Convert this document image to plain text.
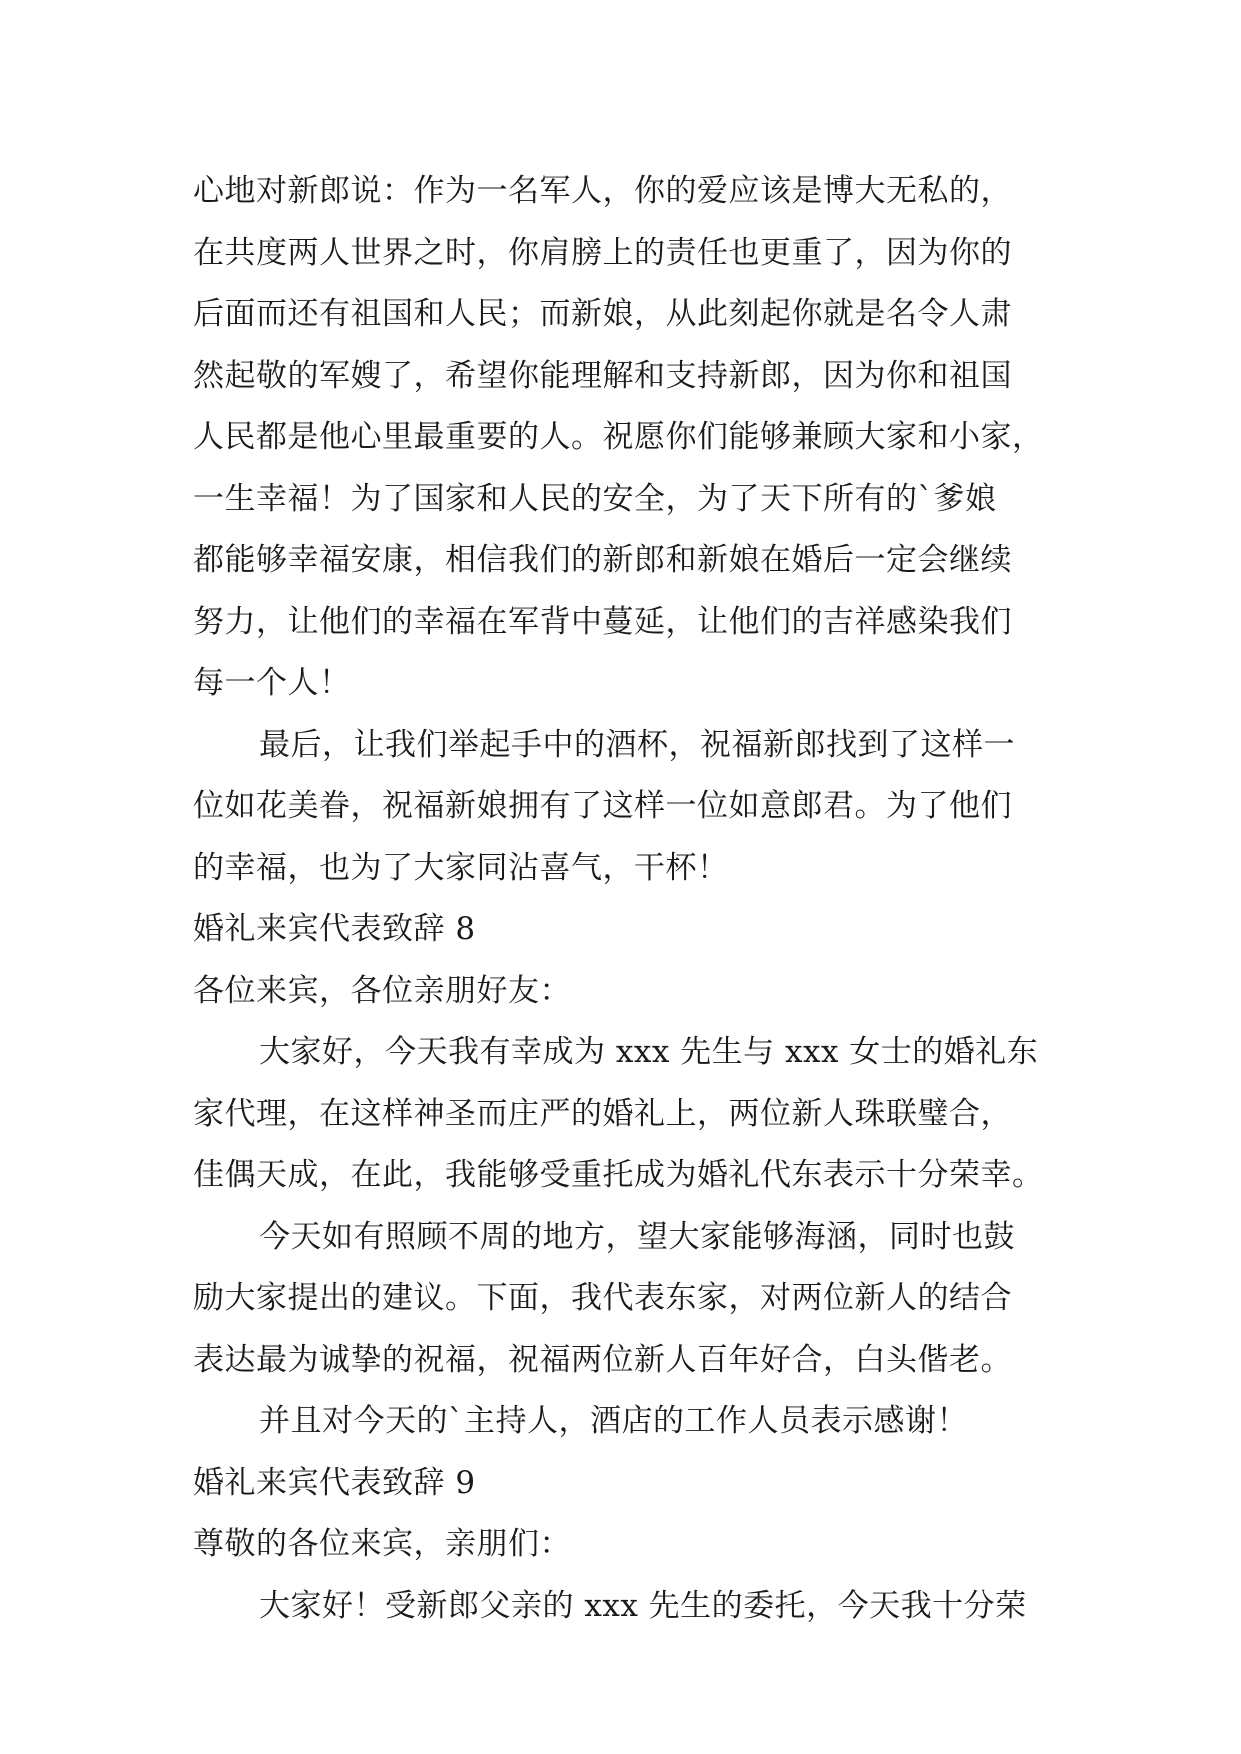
心地对新郎说：作为一名军人，你的爱应该是博大无私的，
在共度两人世界之时，你肩膀上的责任也更重了，因为你的
后面而还有祖国和人民；而新娘，从此刻起你就是名令人肃
然起敬的军嫂了，希望你能理解和支持新郎，因为你和祖国
人民都是他心里最重要的人。祝愿你们能够兼顾大家和小家，
一生幸福！为了国家和人民的安全，为了天下所有的`爹娘
都能够幸福安康，相信我们的新郎和新娘在婚后一定会继续
努力，让他们的幸福在军背中蔓延，让他们的吉祥感染我们
每一个人！
最后，让我们举起手中的酒杯，祝福新郎找到了这样一
位如花美眷，祝福新娘拥有了这样一位如意郎君。为了他们
的幸福，也为了大家同沾喜气，干杯！
婚礼来宾代表致辞 8
各位来宾，各位亲朋好友：
大家好，今天我有幸成为 xxx 先生与 xxx 女士的婚礼东
家代理，在这样神圣而庄严的婚礼上，两位新人珠联璧合，
佳偶天成，在此，我能够受重托成为婚礼代东表示十分荣幸。
今天如有照顾不周的地方，望大家能够海涵，同时也鼓
励大家提出的建议。下面，我代表东家，对两位新人的结合
表达最为诚挚的祝福，祝福两位新人百年好合，白头偕老。
并且对今天的`主持人，酒店的工作人员表示感谢！
婚礼来宾代表致辞 9
尊敬的各位来宾，亲朋们：
大家好！受新郎父亲的 xxx 先生的委托，今天我十分荣
